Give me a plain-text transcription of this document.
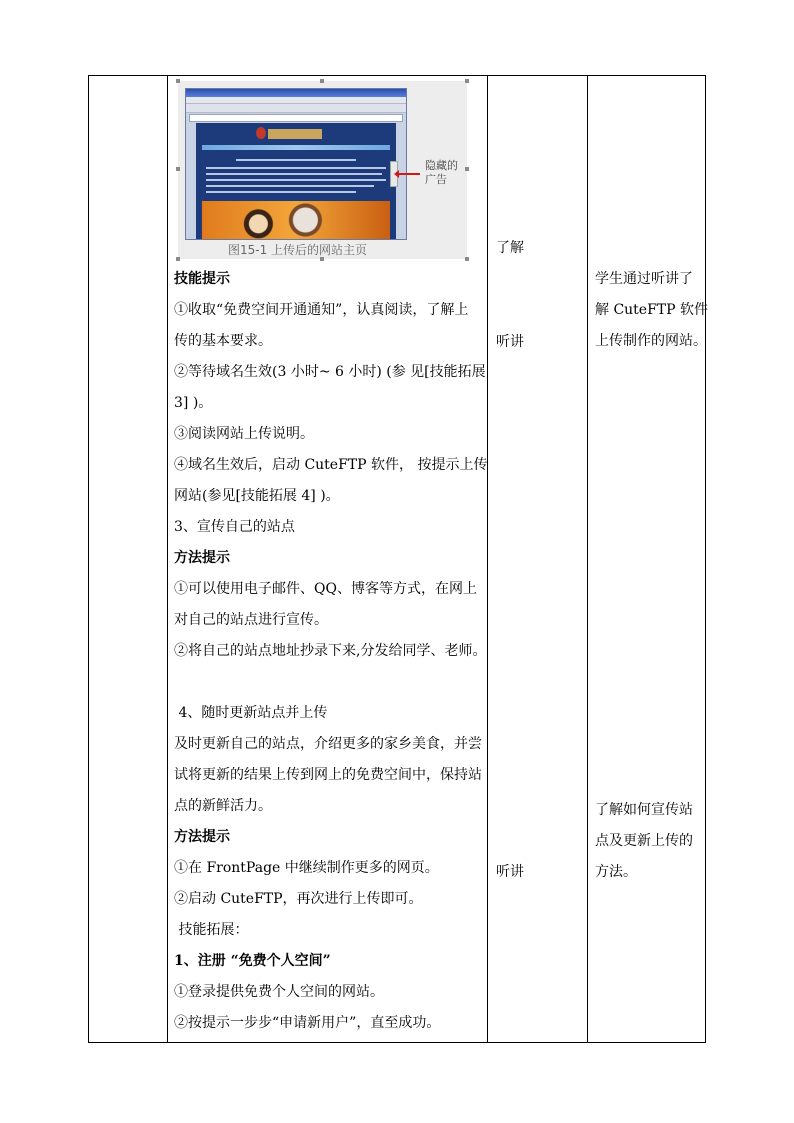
隐藏的
广告
图15-1 上传后的网站主页

技能提示

①收取“免费空间开通通知”，认真阅读，了解上

传的基本要求。

②等待域名生效(3 小时~ 6 小时) (参 见[技能拓展

3] )。

③阅读网站上传说明。

④域名生效后，启动 CuteFTP 软件， 按提示上传

网站(参见[技能拓展 4] )。

3、宣传自己的站点

方法提示

①可以使用电子邮件、QQ、博客等方式，在网上

对自己的站点进行宣传。

②将自己的站点地址抄录下来,分发给同学、老师。

4、随时更新站点并上传

及时更新自己的站点，介绍更多的家乡美食，并尝

试将更新的结果上传到网上的免费空间中，保持站

点的新鲜活力。

方法提示

①在 FrontPage 中继续制作更多的网页。

②启动 CuteFTP，再次进行上传即可。

技能拓展：

1、注册 “免费个人空间”

①登录提供免费个人空间的网站。

②按提示一步步“申请新用户”，直至成功。

了解
听讲
听讲

学生通过听讲了

解 CuteFTP 软件

上传制作的网站。

了解如何宣传站

点及更新上传的

方法。
